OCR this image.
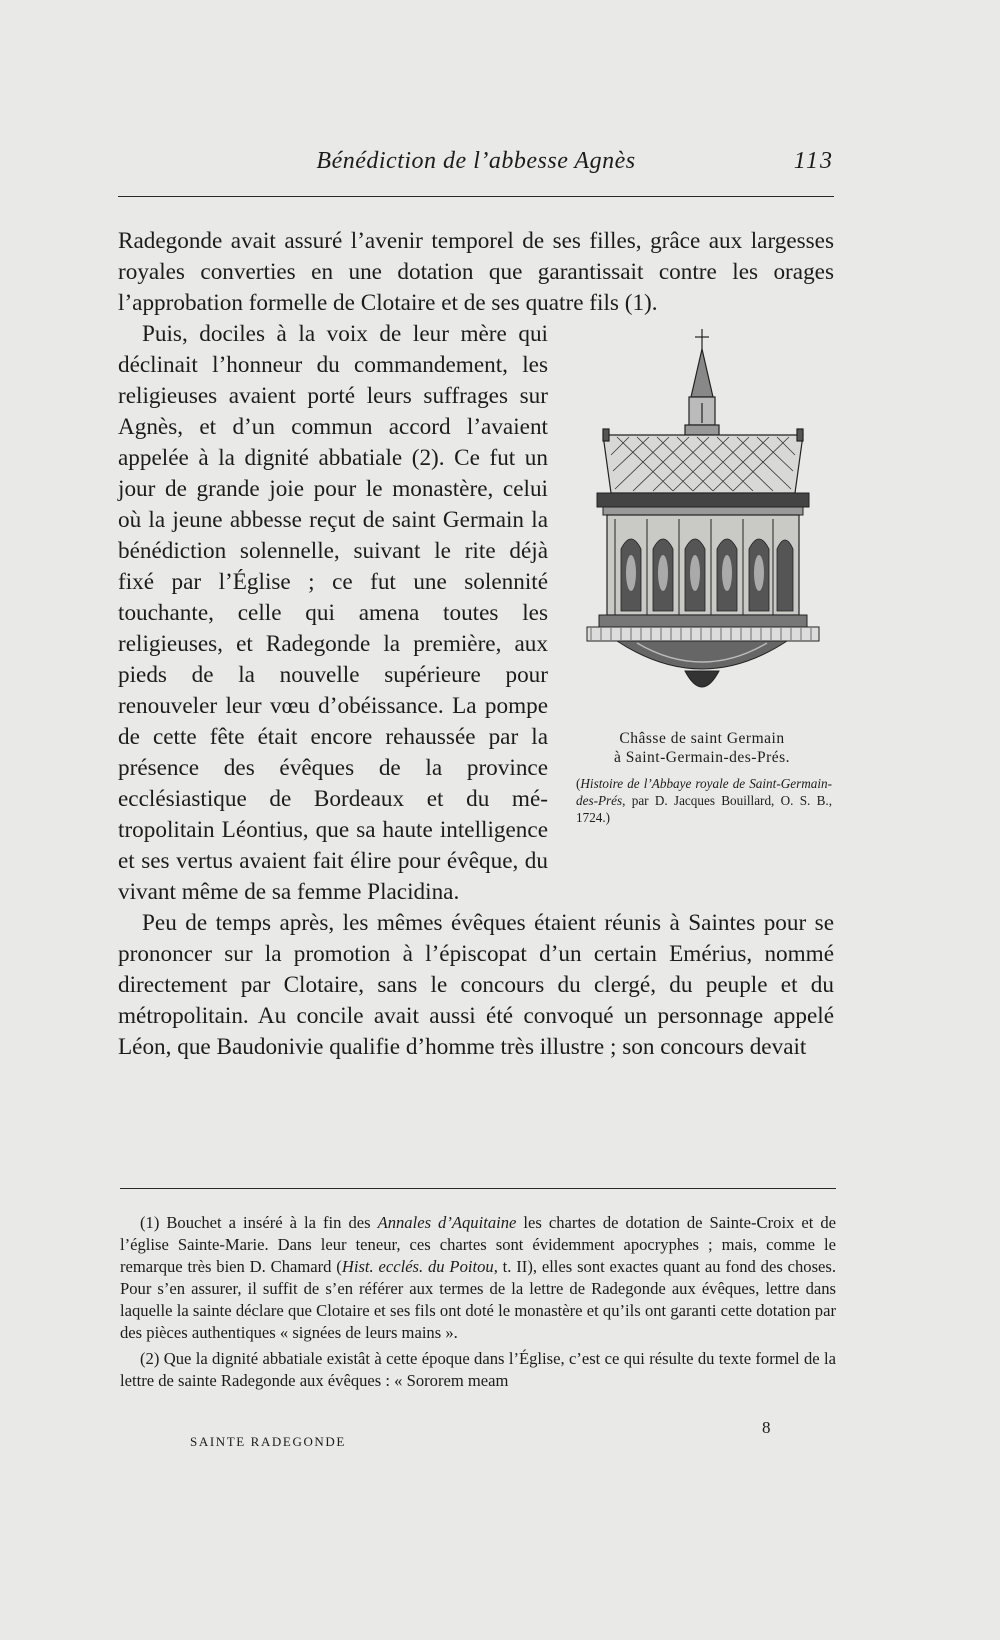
Bénédiction de l’abbesse Agnès	113

Radegonde avait assuré l’avenir temporel de ses filles, grâce aux largesses royales converties en une dotation que garantissait contre les orages l’approbation formelle de Clotaire et de ses quatre fils (1).

Châsse de saint Germain
à Saint-Germain-des-Prés.
(Histoire de l’Abbaye royale de Saint-Germain-des-Prés, par D. Jacques Bouillard, O. S. B., 1724.)

Puis, dociles à la voix de leur mère qui déclinait l’honneur du commandement, les religieuses avaient porté leurs suffrages sur Agnès, et d’un commun accord l’avaient appelée à la dignité abbatiale (2). Ce fut un jour de grande joie pour le monastère, celui où la jeune abbesse reçut de saint Germain la bénédiction solennelle, suivant le rite déjà fixé par l’Église ; ce fut une solennité touchante, celle qui amena toutes les religieuses, et Radegonde la première, aux pieds de la nouvelle supérieure pour renouveler leur vœu d’obéissance. La pompe de cette fête était encore rehaussée par la présence des évêques de la province ecclésiastique de Bordeaux et du métropolitain Léontius, que sa haute intelligence et ses vertus avaient fait élire pour évêque, du vivant même de sa femme Placidina.

Peu de temps après, les mêmes évêques étaient réunis à Saintes pour se prononcer sur la promotion à l’épiscopat d’un certain Emérius, nommé directement par Clotaire, sans le concours du clergé, du peuple et du métropolitain. Au concile avait aussi été convoqué un personnage appelé Léon, que Baudonivie qualifie d’homme très illustre ; son concours devait

(1) Bouchet a inséré à la fin des Annales d’Aquitaine les chartes de dotation de Sainte-Croix et de l’église Sainte-Marie. Dans leur teneur, ces chartes sont évidemment apocryphes ; mais, comme le remarque très bien D. Chamard (Hist. ecclés. du Poitou, t. II), elles sont exactes quant au fond des choses. Pour s’en assurer, il suffit de s’en référer aux termes de la lettre de Radegonde aux évêques, lettre dans laquelle la sainte déclare que Clotaire et ses fils ont doté le monastère et qu’ils ont garanti cette dotation par des pièces authentiques « signées de leurs mains ».

(2) Que la dignité abbatiale existât à cette époque dans l’Église, c’est ce qui résulte du texte formel de la lettre de sainte Radegonde aux évêques : « Sororem meam

8
SAINTE RADEGONDE
